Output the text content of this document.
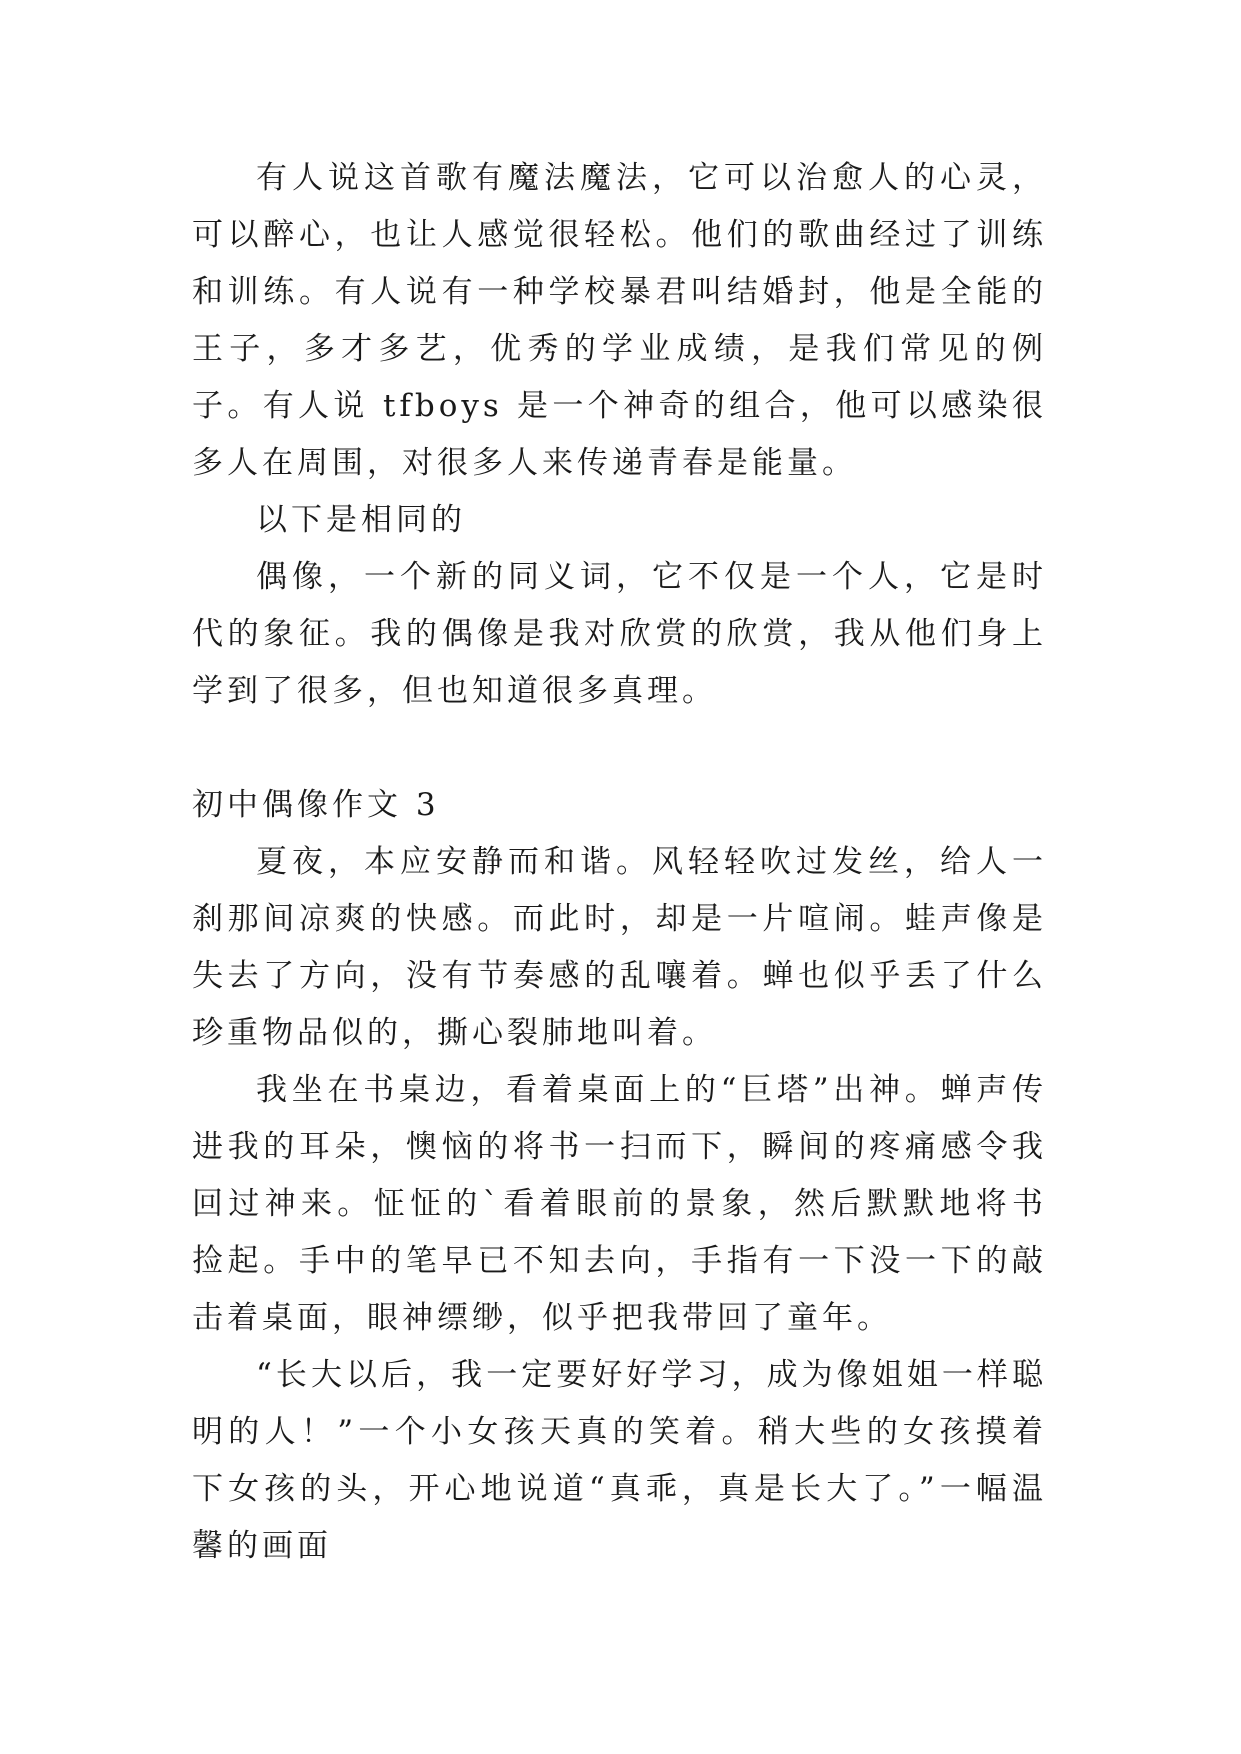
有人说这首歌有魔法魔法，它可以治愈人的心灵，可以醉心，也让人感觉很轻松。他们的歌曲经过了训练和训练。有人说有一种学校暴君叫结婚封，他是全能的王子，多才多艺，优秀的学业成绩，是我们常见的例子。有人说 tfboys 是一个神奇的组合，他可以感染很多人在周围，对很多人来传递青春是能量。

以下是相同的

偶像，一个新的同义词，它不仅是一个人，它是时代的象征。我的偶像是我对欣赏的欣赏，我从他们身上学到了很多，但也知道很多真理。

初中偶像作文 3

夏夜，本应安静而和谐。风轻轻吹过发丝，给人一刹那间凉爽的快感。而此时，却是一片喧闹。蛙声像是失去了方向，没有节奏感的乱嚷着。蝉也似乎丢了什么珍重物品似的，撕心裂肺地叫着。

我坐在书桌边，看着桌面上的“巨塔”出神。蝉声传进我的耳朵，懊恼的将书一扫而下，瞬间的疼痛感令我回过神来。怔怔的`看着眼前的景象，然后默默地将书捡起。手中的笔早已不知去向，手指有一下没一下的敲击着桌面，眼神缥缈，似乎把我带回了童年。

“长大以后，我一定要好好学习，成为像姐姐一样聪明的人！”一个小女孩天真的笑着。稍大些的女孩摸着下女孩的头，开心地说道“真乖，真是长大了。”一幅温馨的画面
